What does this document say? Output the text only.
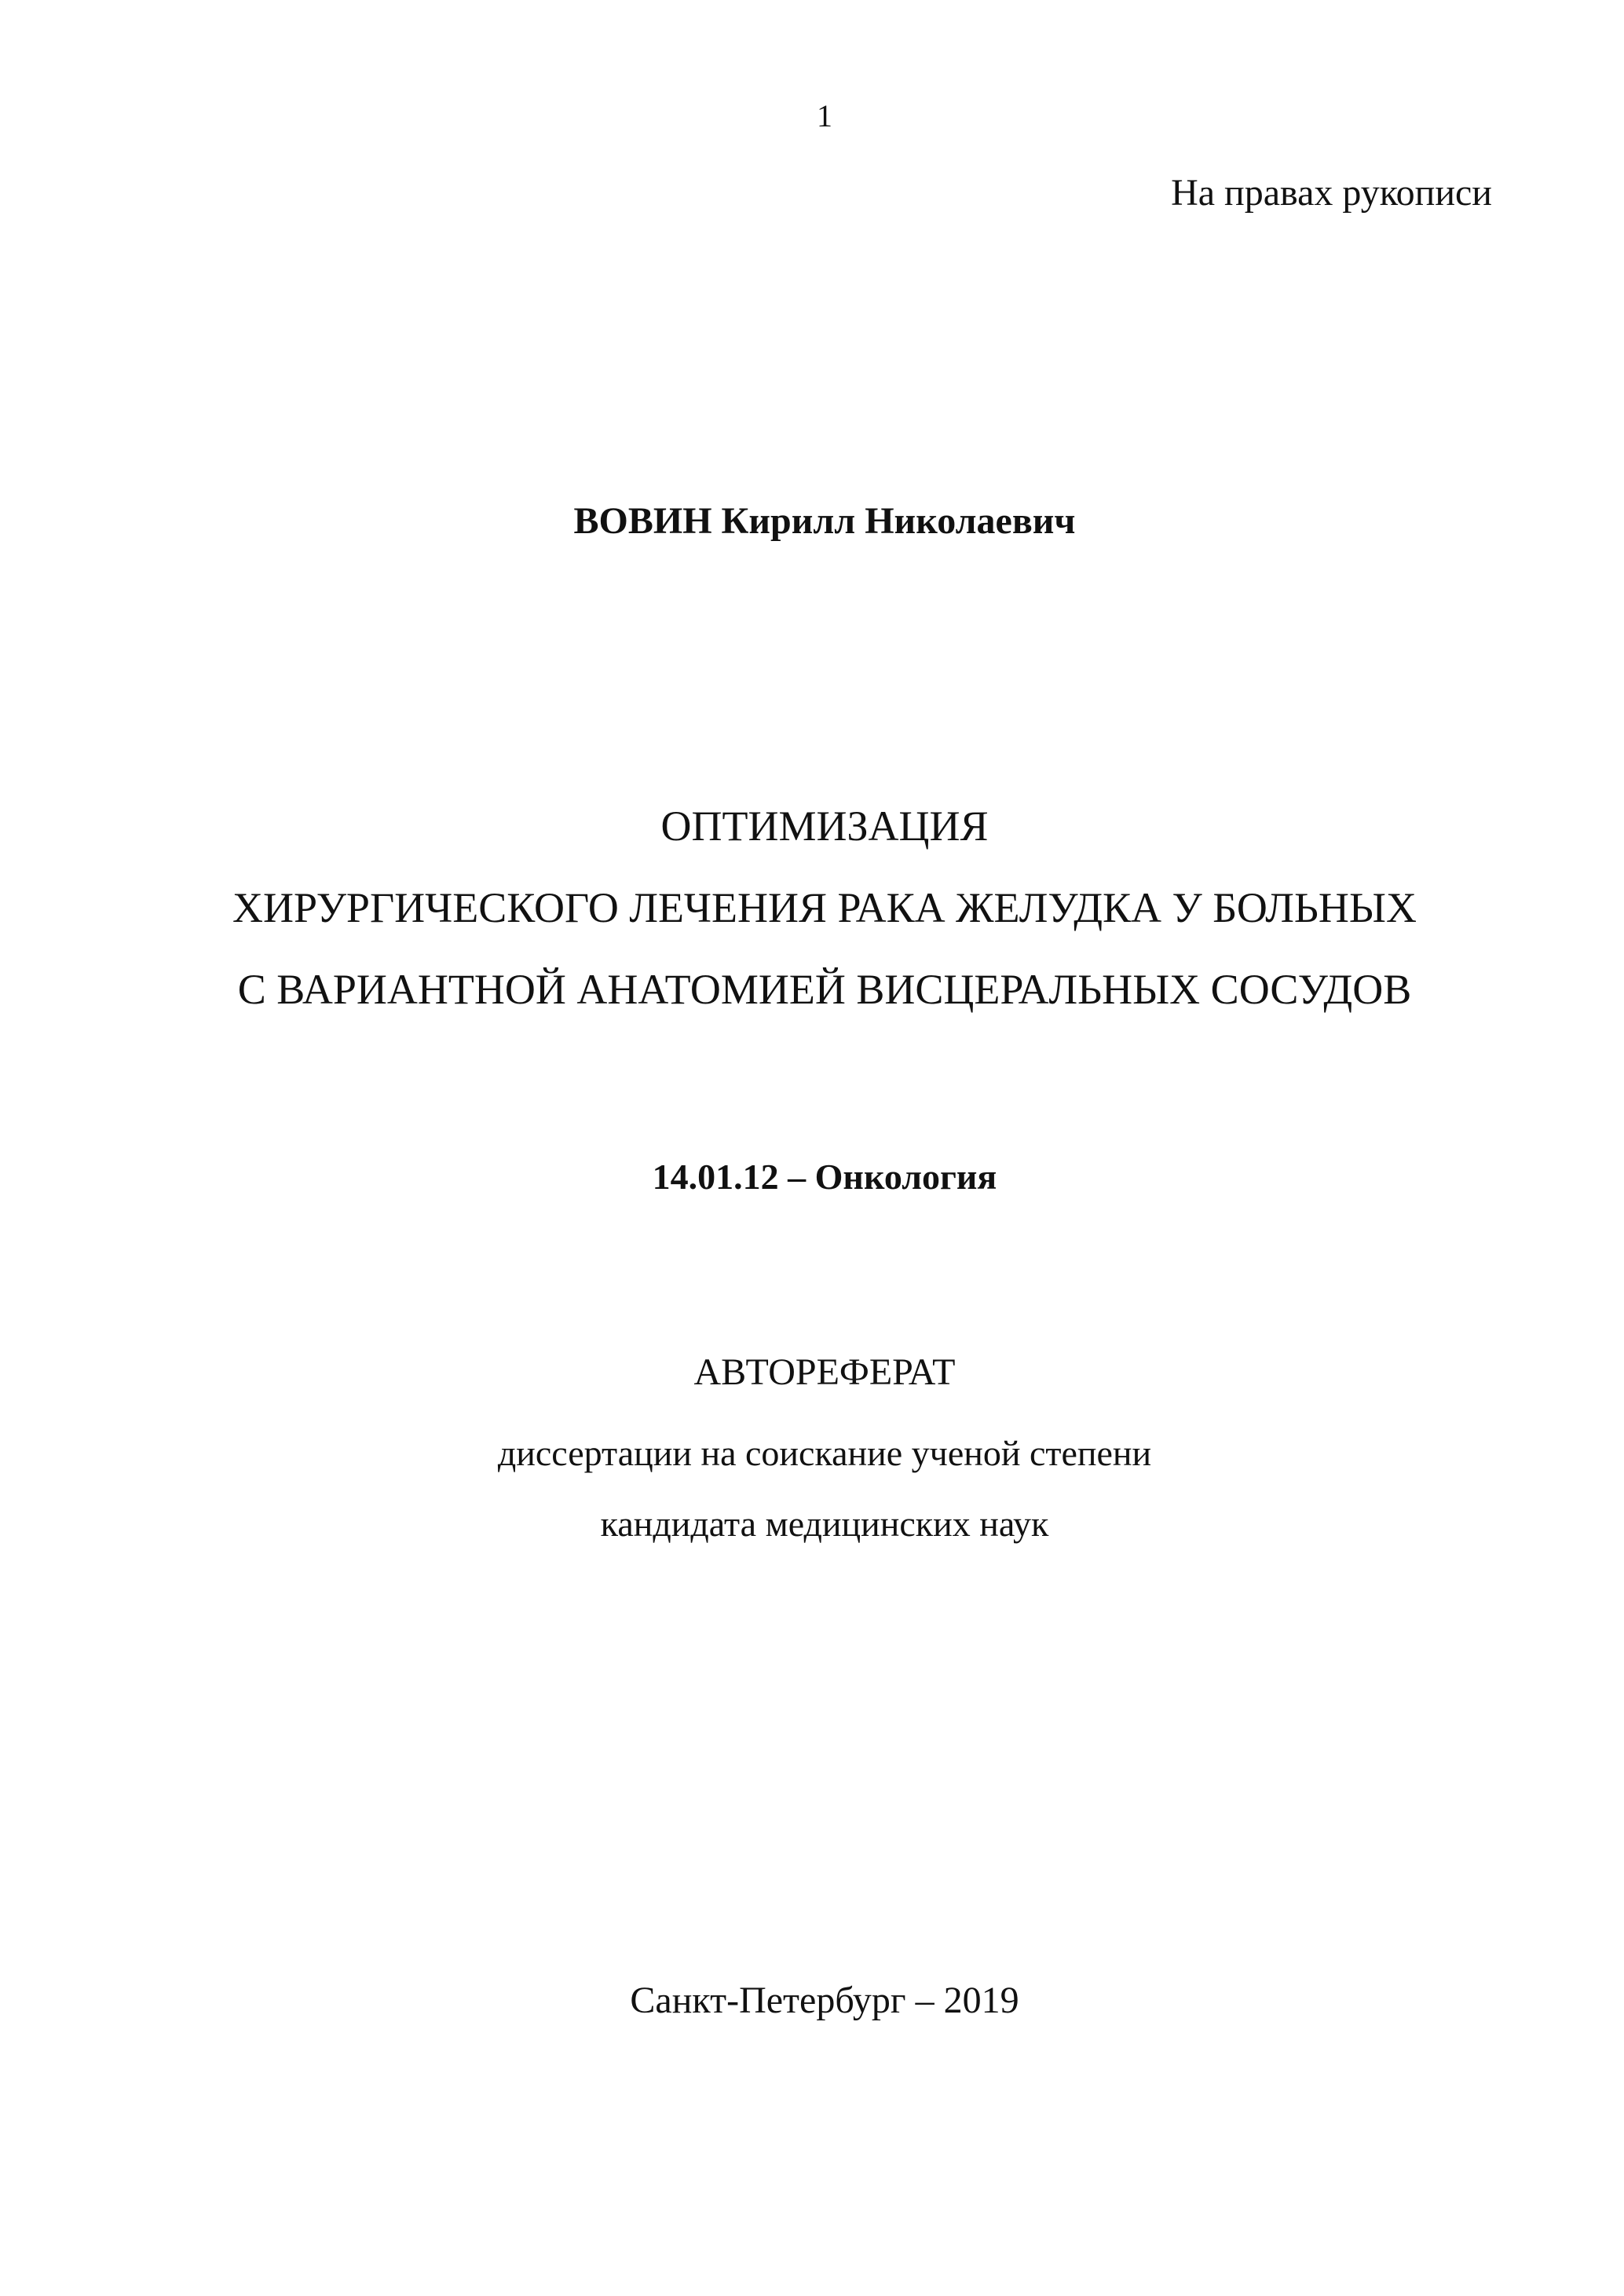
1
На правах рукописи
ВОВИН Кирилл Николаевич
ОПТИМИЗАЦИЯ
ХИРУРГИЧЕСКОГО ЛЕЧЕНИЯ РАКА ЖЕЛУДКА У БОЛЬНЫХ
С ВАРИАНТНОЙ АНАТОМИЕЙ ВИСЦЕРАЛЬНЫХ СОСУДОВ
14.01.12 – Онкология
АВТОРЕФЕРАТ
диссертации на соискание ученой степени
кандидата медицинских наук
Санкт-Петербург – 2019
